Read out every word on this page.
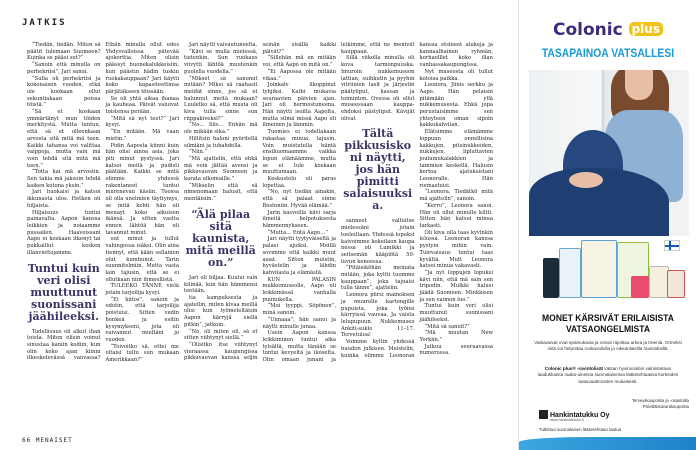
JATKIS

“Tiedän, tiedän. Miten sä päätit tulemaan Suomeen? Kuinka se pääsi ​​sut?”

“Sanoin että minulla on perhekriisi”, Jari sanoi.

“Sulla oli perhekriisi ja kokonaisen vuoden, etkä ole kookaan ollut sekuntiakaan poissa töistä.”

“Sä et koskaan ymmärtänyt mun töiden merkitystä. Mutta tuntuu, että sä et olleenkaan arvosta sitä mitä mä teen. Kaikki tahansa voi valittaa vaippoja, mutta vain mä voin tehdä sitä mitä mä teen.”

“Totta kai mä arvostin. Sen takia mä jaksoin tehdä kaiken kotona yksin.”

Jari huokaisi ja katsoi ikkunasta ulos. Hetken oli hiljaista.

Hiljaisuus tuntui painavalta. Aapon kanssa leikkien ja noiaamme pussailen. Haaveissani Aapo ei koskaan itkenyt tai pukkaillut kesken illanviettojamme.

Tuntui kuin veri olisi muuttunut suonissani jäähileeksi.

Todellisuus oli alkut ihan toista. Miten olisin voinut sinustaa kaniin kodiin, kun olin koko ajan kiinni itkeskelevässä vauvassa? Eihän minulla ollut edes Yhdysvalloissa pätevää ajokorttia. Miten olisin päässyt huonekalukkeisiin, kun päästin hädin tuskin ruokakauppaan? Jari käytti koko kapasiteettinsa pärjätäkseen töissään.

Se oli yhtä aikaa ihanaa ja kauheaa. Päivät valuivat toistensa perään.

“Mitä sä nyt teet?” Jari kysyi.

“En mitään. Mä vaan mietin.”

Pidin Aaposta kiinni kuin hän olisi ainoa asia, joka piti minut pystyssä. Jari katsoi meitä ja pudisti päätään. Kaikki se mitä olimme yhdessä rakentaneet tuntui murenevan käsiin. Toossa oli olla unelmien täyttymys, se mitä kohti hän oli menayt koko aikuisen ikänsä. Ja sitten vastta ennen lähtöä hän oli tavannut minut.

out minut ja tullut vahingossa isäksi. Olin aina tiennyt, että kään sellainen olut kumbunut. Tarin suunnitelmiin. Mutta vasta lain tajusin, että se ei ollutkaan niin ihmeellistä.

TULEEKO TÄNNE vielä jotain tarjoilija kysyi.

“Ei kiitos”, sanoin ja odotin, että tarjoilija poistuisi. Sitten vedin henkeä ja esitin kysymykseni, jota oli vaivannut mieltäni jo vuoden.

“Toivoitko sä, ettei me oltaisi tultu sun mukaan Amerikkaan?”

Jari näytti vaivautuneelta.

“Kävi se mulla mielessä, tietenkin. Sun ruokaus viivytti lähtöä muutenkin puolella vuodella.”

“Mikset sä sanonut mitään? Miksi sä raahasit meidät sinne, jos sä et halunnut meitä mukaan? Luuletko sä, että musta oli kiva tulla sinne sun riippakiveksi?”

“No… Siis… Enhän mä ole mikään sika.”

Hillitsin haluni pyöritellä silmiäni ja tuhahdella.

“Niin.”

“Mä ajattelin, että ehkä mä voin jättää aveosi ja pikkuvauvan Suomeen ja karata ulkomaille.”

“Mikselin että sä nimenomaan halusit, että mentäisiin.”

“Älä pilaa sitä kaunista, mitä meillä on.”

Jari oli hiljaa. Kuului vain kilinää, kun hän hämmensi teetään.

tia kampuksesta ja ajatellin, miten kivaa meillä olisi kun työmeleltäisin Aapon kärryjä siellä pitkin”, jatkoin.

“No, oli miten oli, sä et sitten viihtynyt siellä.”

“Olisitko itse viihtynyt vieraassa kaupungissa pikkuvauvan kanssa seljin seinän sisällä kaikki päivät?”

“Sillehän mä en mitään voi, että Aapo on mitä on.”

“Ei Aapossa ole mitään vikaa.”

Joinkalv ilkoppinut tyhjiksi. Kathi mukavia seuraavien päivien ajan. Jari oli hermostuneena. Hän näytti isoilta Aapolta, mutta silmä missä Aapo oli ilmeinen ja lämmin.

Tuomies ei todellakaan rakastaa minua, tajusin. Voin muistutella häntä ensihuomaamme vaikka lopun elämäämme, mutta se ei tule koskaan muuttumaan.

Keskustelu oli paras lopettaa.

“No, nyt tiedän ainakin, että sä palaat sinne Bostoniin. Hyvää elämää.”

Jarin kasvoilla kävi sarja ilmeitä helpotuksesta hämmennykseen.

“Mutta… Entä Aapo…”

Jari näytti tyytyväiseltä ja palasi ajoiksi. Meillä sovimme että kaikki muut asiat. Sitten muistin, hyvästelin ja lähdin kahvilasta ja elämästä.

KUN PALASIN mukkemuseolle, Aapo oli leikkimässä vanhalla puunukella.

“Moi tyyppi. Söpönen”, minä sanoin.

“Unnaaa”, hän sanoi ja näytti minulle junaa.

Usein Aapon kanssa leikkiminen tuntui aika tylsältä, mutta tänään se tuntui kevyeltä ja iloiselta. Otin omaan junani ja leikimme, että ne menivät kauppaan.

Sillä viikolla minulla oli kova tarmonpuuska. Imuroin nukkemuseon lattian, suihkutin ja pyyhin vitriinien lasit ja järjestin päätyliput, kassan ja toiminton. Ovessa oli ollut museessaan kauppa-ehdoksi pästyliput. Kävijät olivat

Tältä pikkusiskoni näytti, jos hän pimitti salaisuuksia.

sanneet valtuitse mielessäni jotain toeleiltaan. Yhdessä lopuksi kaivoimme kokeilaon kaupa nessa oli Lumikki ja seitsemän kääpiötä 50-luvun koneessa.

“Pitäisiköhän meinata mitään, joka kyltti tuomme kauppaan”, joku tajuaisi tulla tänne”, ajattelin.

Leonora piirsi mainoksen ja muurelle kartongille pupuista, joka työnsi kärryissä vauvaa. Ja vaista lelupupuun. Nukkemuseo Ankiti-suklo 11–17. Tervetuloa!

Voimme kyltin yhdessä huudon julkisen. Meistelin, kuinka olimme Leonoran kanssa etsineet alukeja ja kannaalhainen ryhmän, korhaolllet koko illan vanhassakaupungissa.

Nyt museosta oli tullut kotoisa paikka.

Leonora, Jiinis serkku ja Aapo. Hän pelaisin pitämään yllä nukkemuseota. Ehkä jopa perustaisimme sen yhteyteen oman sipoin kakkukahvilan.

Elätsimme elämämme loppuun onnellisina kakkujen, pitsinukkeiden, nukkejen, lipluttavien joulumukalakkien ja tammien keskellä. Halusin kertoa ajatuksistani Leonoralle. Hän riemastuisi.

“Leonora. Tiedätkö mitä mä ajattelin”, sanoin.

“Kerro”, Leonora sanoi. Hän oli ollut minulle kiltti. Sitten hän katsoi minua tarkasti.

Oli kiva olla taas kyvinkin lelussa. Leonoran kanssa pystyin mihin vain. Tulevaisuus tuntui taas kyvältä. Mutt Leonora katsoi minua vakavasti.

“Ja nyt loppujen lopuksi kävi niin, että mä sain sen tripodin. Mulkki halusi jäädä Suomeen. Minkkisen ja sen vaimon luo.”

Tuntui kuin veri olisi muuttunut suonissani jäähileeksi.

“Mitä sä sanoit?”

“Mä muutan New Yorkiin.”

Jatkuu seuraavassa numerossa.

66 MENAISET
Colonic plus
TASAPAINOA VATSALLESI
MONET KÄRSIVÄT ERILAISISTA VATSAONGELMISTA
Vatsavaivat ovat epämukavia ja voivat rajoittaa arkea ja treeniä. Onneksi niitä voi helpottaa ruokavaliolla ja oikeanlaisilla ravintolisillä.
Colonic plus® -ravintolisät vatsan hyvinvointiin valmistetaan laadukkaista raaka-aineista suomalaisessa lääketehtaassa korkeiden laatuvaatimusten mukaisesti.
Terveyskaupoista ja -osastoilta
Päivittäistavarakaupoista
Hankintatukku Oy
www.hankintatukku.fi
Tutkittua suomalaisen lääketehtaan laatua
